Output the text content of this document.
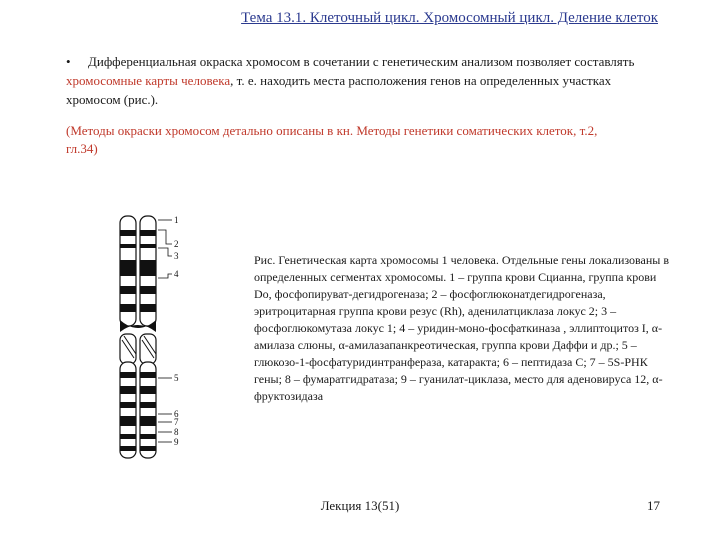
Тема 13.1. Клеточный цикл. Хромосомный цикл. Деление клеток
• Дифференциальная окраска хромосом в сочетании с генетическим анализом позволяет составлять хромосомные карты человека, т. е. находить места расположения генов на определенных участках хромосом (рис.).
(Методы окраски хромосом детально описаны в кн. Методы генетики соматических клеток, т.2, гл.34)
1
2
3
4
5
6
7
8
9
Рис. Генетическая карта хромосомы 1 человека. Отдельные гены локализованы в определенных сегментах хромосомы. 1 – группа крови Сцианна, группа крови Do, фосфопируват-дегидрогеназа; 2 – фосфоглюконатдегидрогеназа, эритроцитарная группа крови резус (Rh), аденилатциклаза локус 2; 3 – фосфоглюкомутаза локус 1; 4 – уридин-моно-фосфаткиназа , эллиптоцитоз I, α-амилаза слюны, α-амилазапанкреотическая, группа крови Даффи и др.; 5 – глюкозо-1-фосфатуридинтранфераза, катаракта; 6 – пептидаза С; 7 – 5S-РНК гены; 8 – фумаратгидратаза; 9 – гуанилат-циклаза, место для аденовируса 12, α-фруктозидаза
Лекция 13(51)	17
